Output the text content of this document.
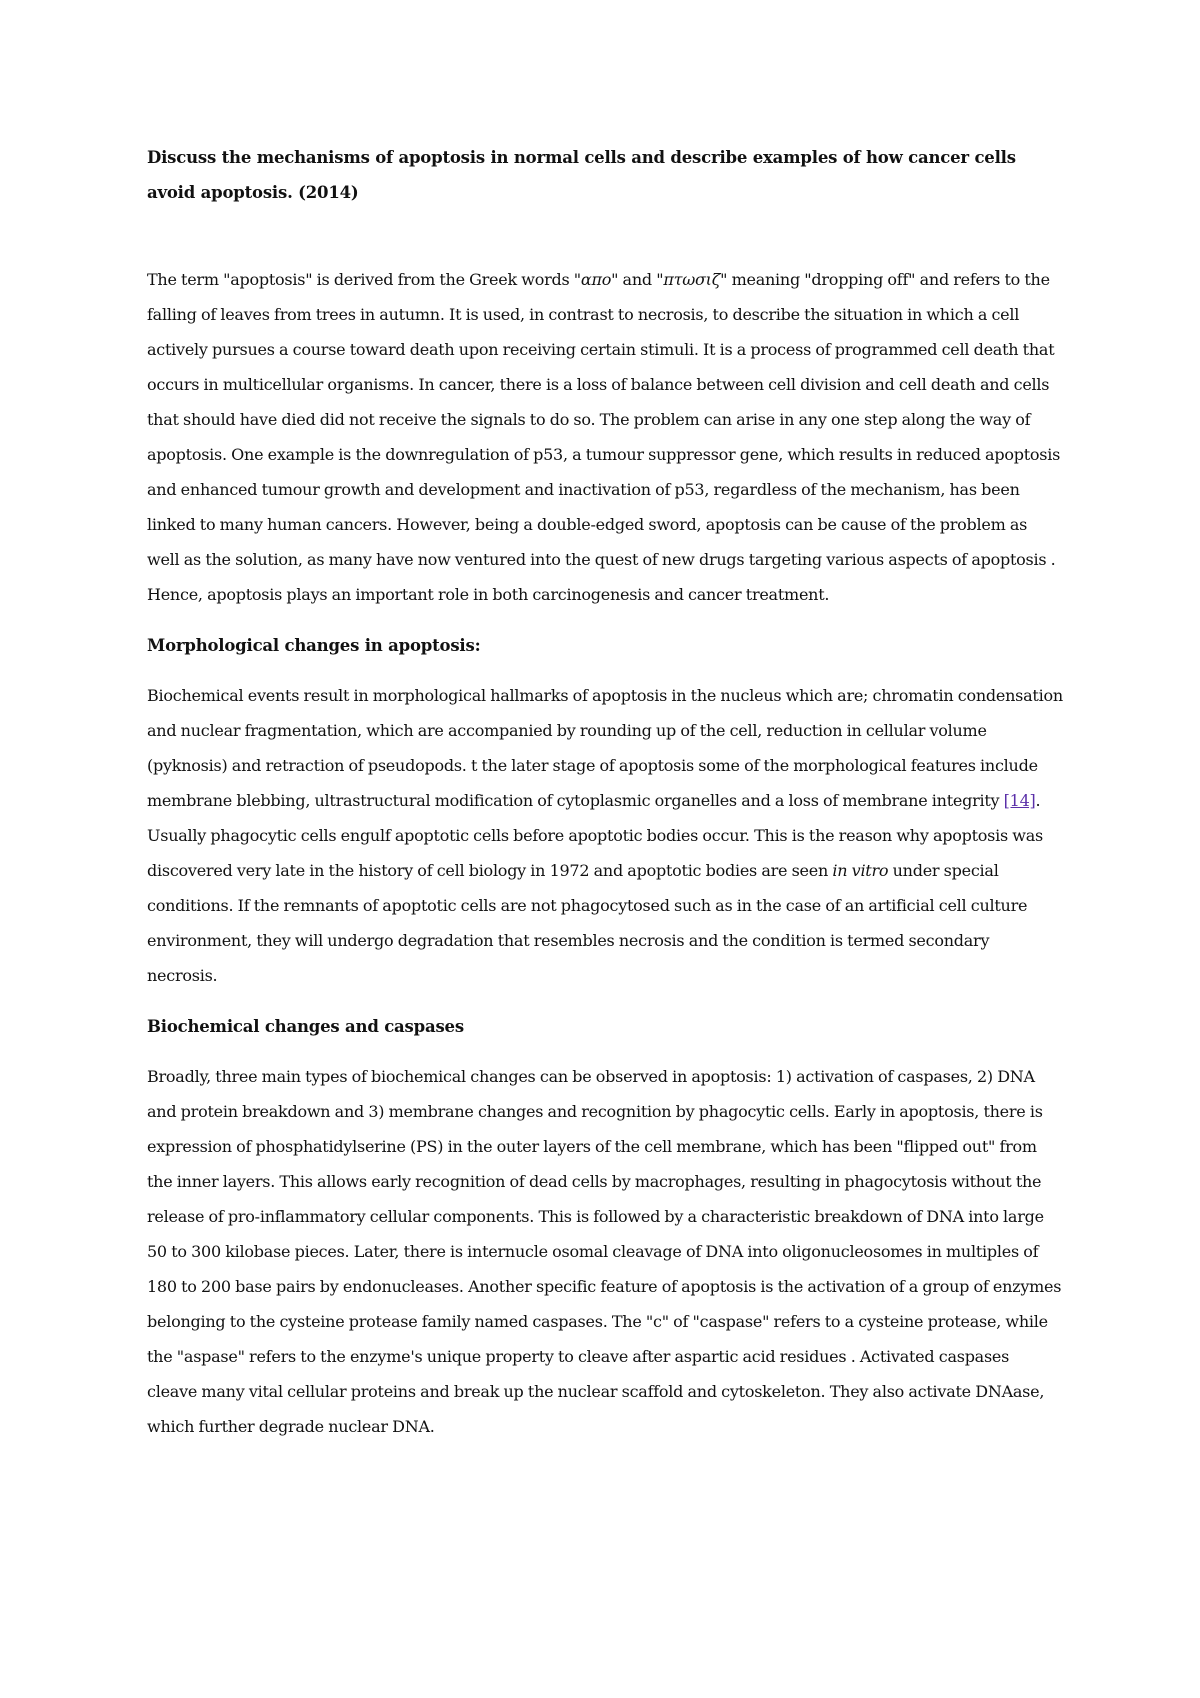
Discuss the mechanisms of apoptosis in normal cells and describe examples of how cancer cells avoid apoptosis. (2014)

The term "apoptosis" is derived from the Greek words "απο" and "πτωσιζ" meaning "dropping off" and refers to the falling of leaves from trees in autumn. It is used, in contrast to necrosis, to describe the situation in which a cell actively pursues a course toward death upon receiving certain stimuli. It is a process of programmed cell death that occurs in multicellular organisms. In cancer, there is a loss of balance between cell division and cell death and cells that should have died did not receive the signals to do so. The problem can arise in any one step along the way of apoptosis. One example is the downregulation of p53, a tumour suppressor gene, which results in reduced apoptosis and enhanced tumour growth and development and inactivation of p53, regardless of the mechanism, has been linked to many human cancers. However, being a double-edged sword, apoptosis can be cause of the problem as well as the solution, as many have now ventured into the quest of new drugs targeting various aspects of apoptosis . Hence, apoptosis plays an important role in both carcinogenesis and cancer treatment.

Morphological changes in apoptosis:

Biochemical events result in morphological hallmarks of apoptosis in the nucleus which are; chromatin condensation and nuclear fragmentation, which are accompanied by rounding up of the cell, reduction in cellular volume (pyknosis) and retraction of pseudopods. t the later stage of apoptosis some of the morphological features include membrane blebbing, ultrastructural modification of cytoplasmic organelles and a loss of membrane integrity [14]. Usually phagocytic cells engulf apoptotic cells before apoptotic bodies occur. This is the reason why apoptosis was discovered very late in the history of cell biology in 1972 and apoptotic bodies are seen in vitro under special conditions. If the remnants of apoptotic cells are not phagocytosed such as in the case of an artificial cell culture environment, they will undergo degradation that resembles necrosis and the condition is termed secondary necrosis.

Biochemical changes and caspases

Broadly, three main types of biochemical changes can be observed in apoptosis: 1) activation of caspases, 2) DNA and protein breakdown and 3) membrane changes and recognition by phagocytic cells. Early in apoptosis, there is expression of phosphatidylserine (PS) in the outer layers of the cell membrane, which has been "flipped out" from the inner layers. This allows early recognition of dead cells by macrophages, resulting in phagocytosis without the release of pro-inflammatory cellular components. This is followed by a characteristic breakdown of DNA into large 50 to 300 kilobase pieces. Later, there is internucle osomal cleavage of DNA into oligonucleosomes in multiples of 180 to 200 base pairs by endonucleases. Another specific feature of apoptosis is the activation of a group of enzymes belonging to the cysteine protease family named caspases. The "c" of "caspase" refers to a cysteine protease, while the "aspase" refers to the enzyme's unique property to cleave after aspartic acid residues . Activated caspases cleave many vital cellular proteins and break up the nuclear scaffold and cytoskeleton. They also activate DNAase, which further degrade nuclear DNA.
